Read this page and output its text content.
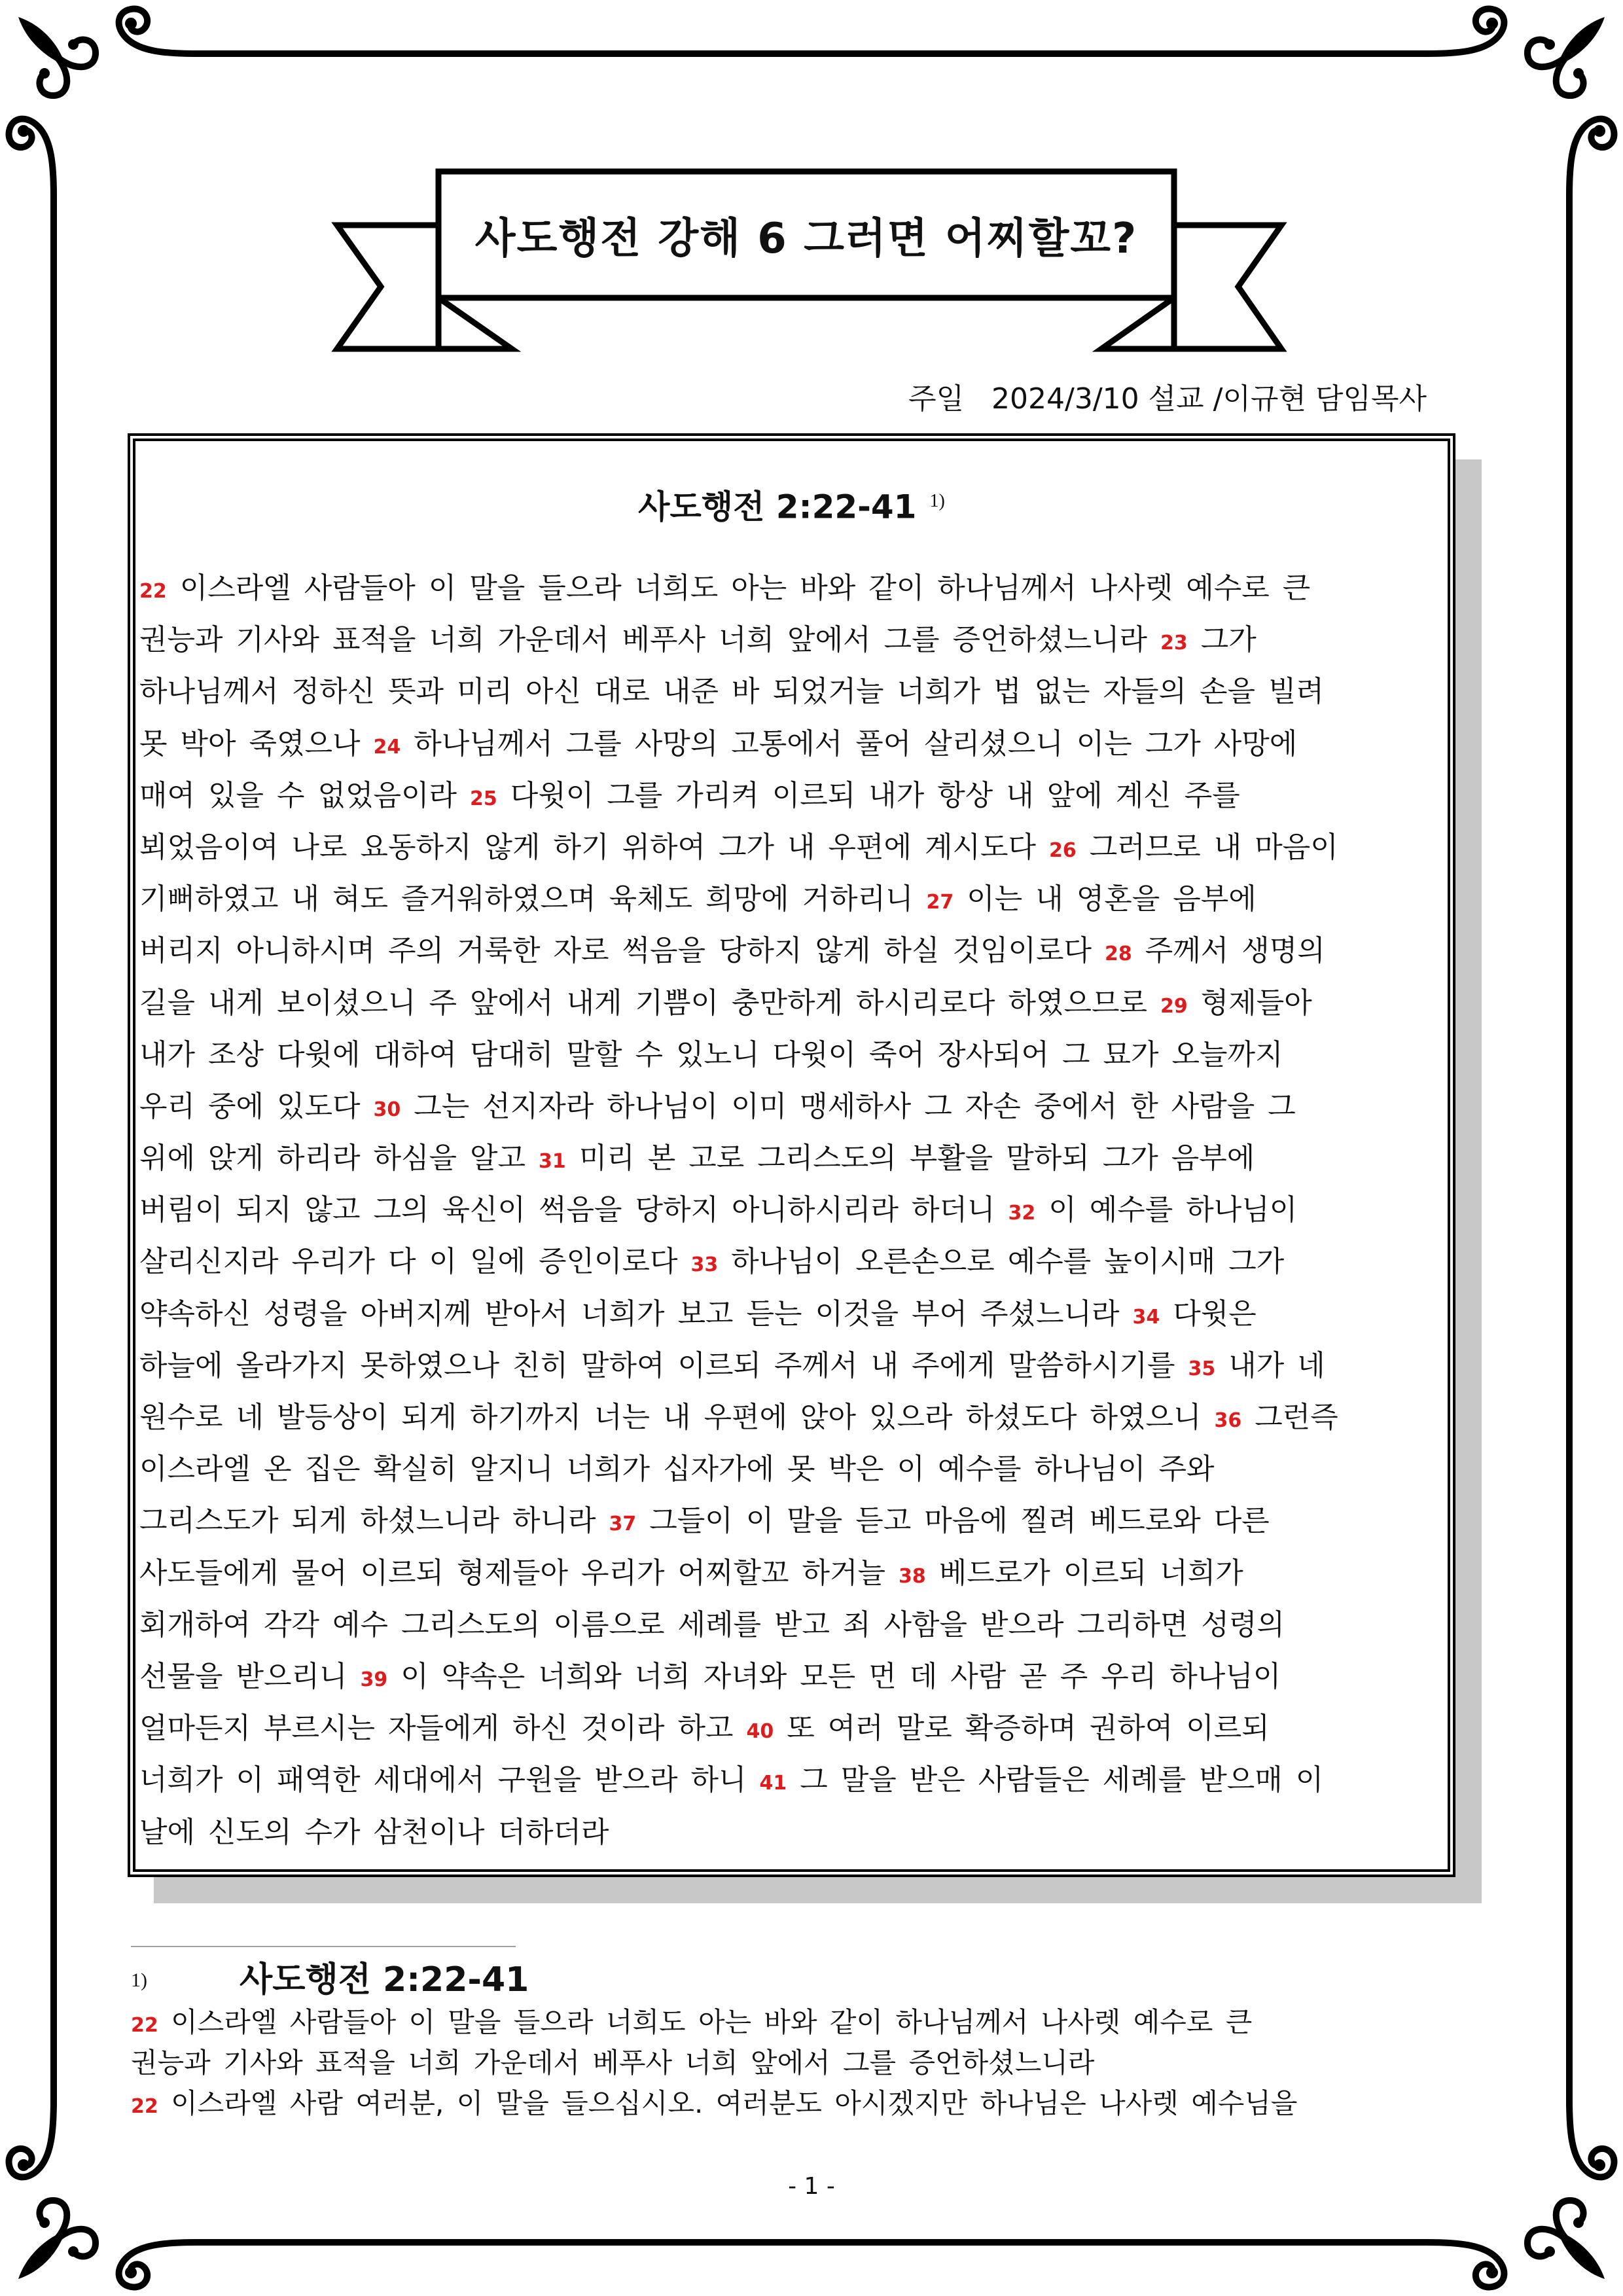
사도행전 강해 6 그러면 어찌할꼬?
주일   2024/3/10 설교 /이규현 담임목사
사도행전 2:22-41 $^{1)}$
22 이스라엘 사람들아 이 말을 들으라 너희도 아는 바와 같이 하나님께서 나사렛 예수로 큰
권능과 기사와 표적을 너희 가운데서 베푸사 너희 앞에서 그를 증언하셨느니라 23 그가
하나님께서 정하신 뜻과 미리 아신 대로 내준 바 되었거늘 너희가 법 없는 자들의 손을 빌려
못 박아 죽였으나 24 하나님께서 그를 사망의 고통에서 풀어 살리셨으니 이는 그가 사망에
매여 있을 수 없었음이라 25 다윗이 그를 가리켜 이르되 내가 항상 내 앞에 계신 주를
뵈었음이여 나로 요동하지 않게 하기 위하여 그가 내 우편에 계시도다 26 그러므로 내 마음이
기뻐하였고 내 혀도 즐거워하였으며 육체도 희망에 거하리니 27 이는 내 영혼을 음부에
버리지 아니하시며 주의 거룩한 자로 썩음을 당하지 않게 하실 것임이로다 28 주께서 생명의
길을 내게 보이셨으니 주 앞에서 내게 기쁨이 충만하게 하시리로다 하였으므로 29 형제들아
내가 조상 다윗에 대하여 담대히 말할 수 있노니 다윗이 죽어 장사되어 그 묘가 오늘까지
우리 중에 있도다 30 그는 선지자라 하나님이 이미 맹세하사 그 자손 중에서 한 사람을 그
위에 앉게 하리라 하심을 알고 31 미리 본 고로 그리스도의 부활을 말하되 그가 음부에
버림이 되지 않고 그의 육신이 썩음을 당하지 아니하시리라 하더니 32 이 예수를 하나님이
살리신지라 우리가 다 이 일에 증인이로다 33 하나님이 오른손으로 예수를 높이시매 그가
약속하신 성령을 아버지께 받아서 너희가 보고 듣는 이것을 부어 주셨느니라 34 다윗은
하늘에 올라가지 못하였으나 친히 말하여 이르되 주께서 내 주에게 말씀하시기를 35 내가 네
원수로 네 발등상이 되게 하기까지 너는 내 우편에 앉아 있으라 하셨도다 하였으니 36 그런즉
이스라엘 온 집은 확실히 알지니 너희가 십자가에 못 박은 이 예수를 하나님이 주와
그리스도가 되게 하셨느니라 하니라 37 그들이 이 말을 듣고 마음에 찔려 베드로와 다른
사도들에게 물어 이르되 형제들아 우리가 어찌할꼬 하거늘 38 베드로가 이르되 너희가
회개하여 각각 예수 그리스도의 이름으로 세례를 받고 죄 사함을 받으라 그리하면 성령의
선물을 받으리니 39 이 약속은 너희와 너희 자녀와 모든 먼 데 사람 곧 주 우리 하나님이
얼마든지 부르시는 자들에게 하신 것이라 하고 40 또 여러 말로 확증하며 권하여 이르되
너희가 이 패역한 세대에서 구원을 받으라 하니 41 그 말을 받은 사람들은 세례를 받으매 이
날에 신도의 수가 삼천이나 더하더라
1)	사도행전 2:22-41
22 이스라엘 사람들아 이 말을 들으라 너희도 아는 바와 같이 하나님께서 나사렛 예수로 큰
권능과 기사와 표적을 너희 가운데서 베푸사 너희 앞에서 그를 증언하셨느니라
22 이스라엘 사람 여러분, 이 말을 들으십시오. 여러분도 아시겠지만 하나님은 나사렛 예수님을
- 1 -
